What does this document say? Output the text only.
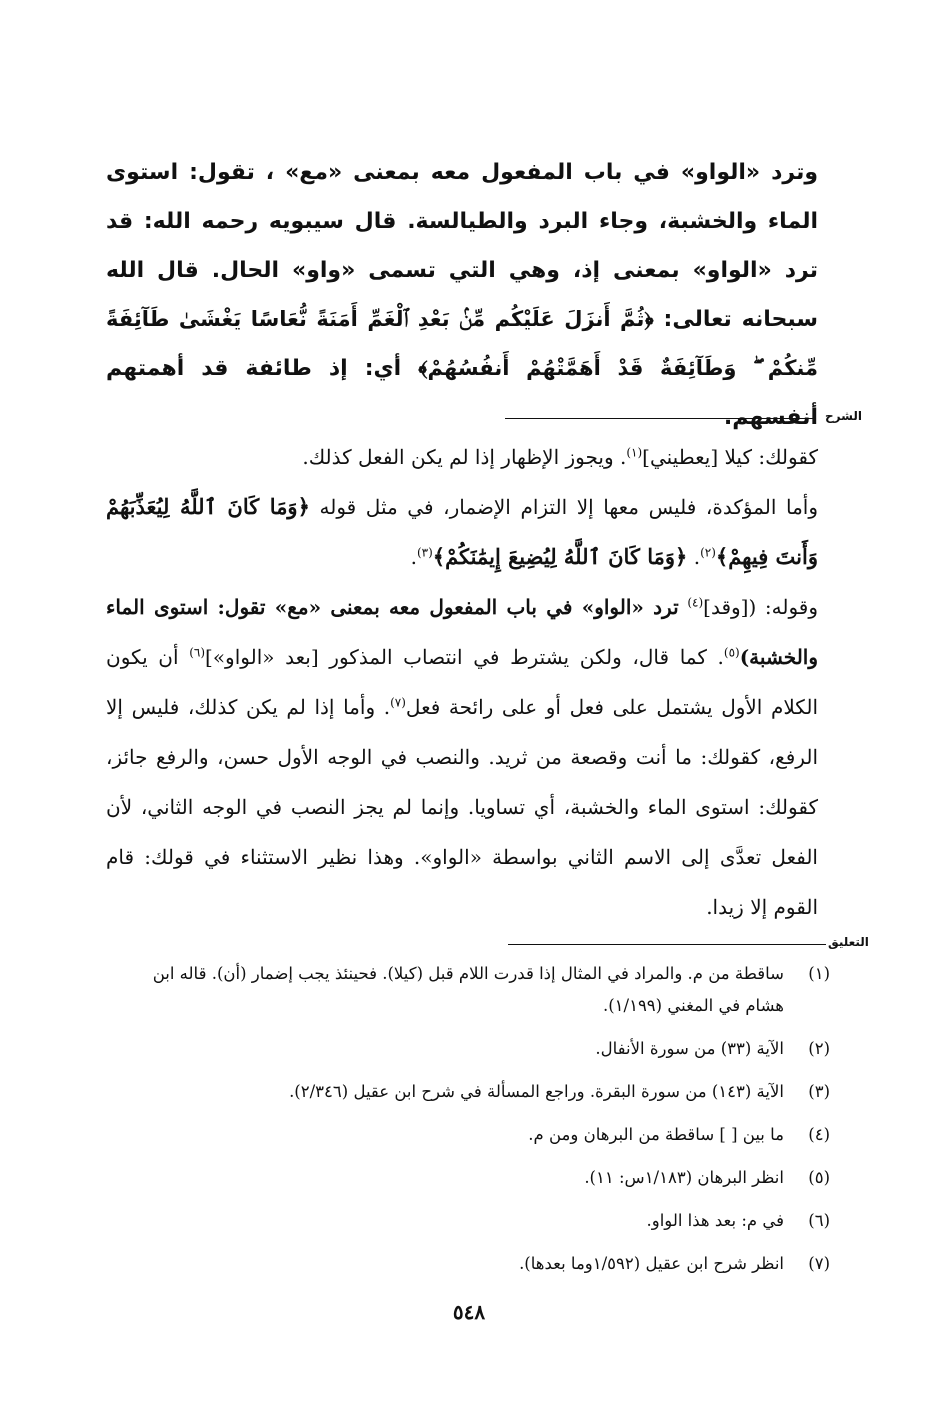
وترد «الواو» في باب المفعول معه بمعنى «مع» ، تقول: استوى الماء والخشبة، وجاء البرد والطيالسة. قال سيبويه رحمه الله: قد ترد «الواو» بمعنى إذ، وهي التي تسمى «واو» الحال. قال الله سبحانه تعالى: ﴿ثُمَّ أَنزَلَ عَلَيْكُم مِّنۢ بَعْدِ ٱلْغَمِّ أَمَنَةً نُّعَاسًا يَغْشَىٰ طَآئِفَةً مِّنكُمْ ۖ وَطَآئِفَةٌ قَدْ أَهَمَّتْهُمْ أَنفُسُهُمْ﴾ أي: إذ طائفة قد أهمتهم أنفسهم. الشرح

كقولك: كيلا [يعطيني]$^{(١)}$. ويجوز الإظهار إذا لم يكن الفعل كذلك.

وأما المؤكدة، فليس معها إلا التزام الإضمار، في مثل قوله ﴿وَمَا كَانَ ٱللَّهُ لِيُعَذِّبَهُمْ وَأَنتَ فِيهِمْ﴾$^{(٢)}$. ﴿وَمَا كَانَ ٱللَّهُ لِيُضِيعَ إِيمَٰنَكُمْ﴾$^{(٣)}$.

وقوله: ([وقد]$^{(٤)}$ ترد «الواو» في باب المفعول معه بمعنى «مع» تقول: استوى الماء والخشبة)$^{(٥)}$. كما قال، ولكن يشترط في انتصاب المذكور [بعد «الواو»]$^{(٦)}$ أن يكون الكلام الأول يشتمل على فعل أو على رائحة فعل$^{(٧)}$. وأما إذا لم يكن كذلك، فليس إلا الرفع، كقولك: ما أنت وقصعة من ثريد. والنصب في الوجه الأول حسن، والرفع جائز، كقولك: استوى الماء والخشبة، أي تساويا. وإنما لم يجز النصب في الوجه الثاني، لأن الفعل تعدَّى إلى الاسم الثاني بواسطة «الواو». وهذا نظير الاستثناء في قولك: قام القوم إلا زيدا.

التعليق
(١)
ساقطة من م. والمراد في المثال إذا قدرت اللام قبل (كيلا). فحينئذ يجب إضمار (أن). قاله ابن هشام في المغني (١/١٩٩).
(٢)
الآية (٣٣) من سورة الأنفال.
(٣)
الآية (١٤٣) من سورة البقرة. وراجع المسألة في شرح ابن عقيل (٢/٣٤٦).
(٤)
ما بين [ ] ساقطة من البرهان ومن م.
(٥)
انظر البرهان (١/١٨٣س: ١١).
(٦)
في م: بعد هذا الواو.
(٧)
انظر شرح ابن عقيل (١/٥٩٢وما بعدها).
٥٤٨
